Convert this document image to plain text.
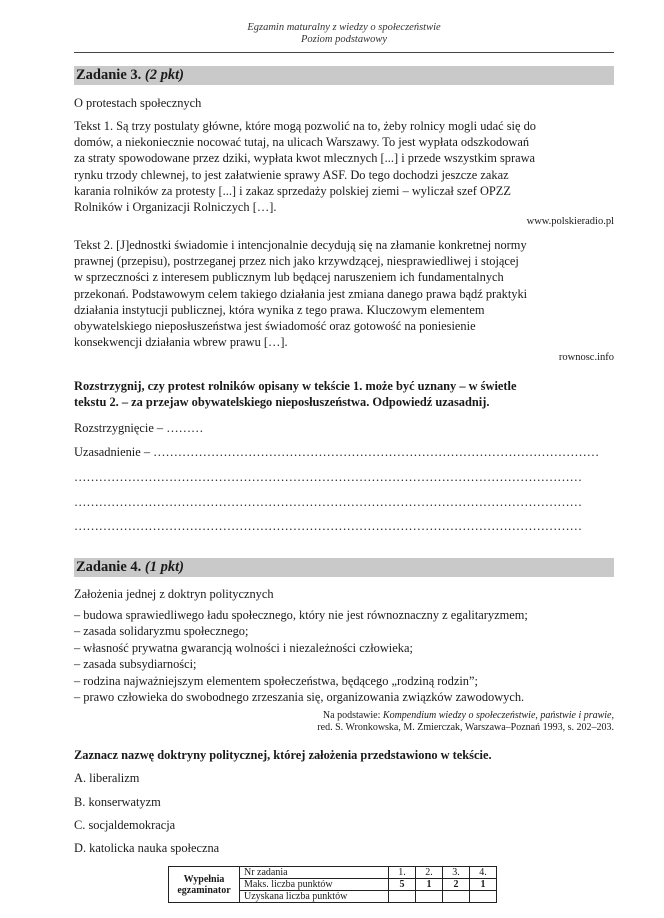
Egzamin maturalny z wiedzy o społeczeństwie
Poziom podstawowy
Zadanie 3. (2 pkt)
O protestach społecznych
Tekst 1. Są trzy postulaty główne, które mogą pozwolić na to, żeby rolnicy mogli udać się do
domów, a niekoniecznie nocować tutaj, na ulicach Warszawy. To jest wypłata odszkodowań
za straty spowodowane przez dziki, wypłata kwot mlecznych [...] i przede wszystkim sprawa
rynku trzody chlewnej, to jest załatwienie sprawy ASF. Do tego dochodzi jeszcze zakaz
karania rolników za protesty [...] i zakaz sprzedaży polskiej ziemi – wyliczał szef OPZZ
Rolników i Organizacji Rolniczych […].
www.polskieradio.pl
Tekst 2. [J]ednostki świadomie i intencjonalnie decydują się na złamanie konkretnej normy
prawnej (przepisu), postrzeganej przez nich jako krzywdzącej, niesprawiedliwej i stojącej
w sprzeczności z interesem publicznym lub będącej naruszeniem ich fundamentalnych
przekonań. Podstawowym celem takiego działania jest zmiana danego prawa bądź praktyki
działania instytucji publicznej, która wynika z tego prawa. Kluczowym elementem
obywatelskiego nieposłuszeństwa jest świadomość oraz gotowość na poniesienie
konsekwencji działania wbrew prawu […].
rownosc.info
Rozstrzygnij, czy protest rolników opisany w tekście 1. może być uznany – w świetle
tekstu 2. – za przejaw obywatelskiego nieposłuszeństwa. Odpowiedź uzasadnij.
Rozstrzygnięcie – ………
Uzasadnienie – ………………………………………………………………………………………………
……………………………………………………………………………………………………………
……………………………………………………………………………………………………………
……………………………………………………………………………………………………………
Zadanie 4. (1 pkt)
Założenia jednej z doktryn politycznych
– budowa sprawiedliwego ładu społecznego, który nie jest równoznaczny z egalitaryzmem;
– zasada solidaryzmu społecznego;
– własność prywatna gwarancją wolności i niezależności człowieka;
– zasada subsydiarności;
– rodzina najważniejszym elementem społeczeństwa, będącego „rodziną rodzin”;
– prawo człowieka do swobodnego zrzeszania się, organizowania związków zawodowych.
Na podstawie: Kompendium wiedzy o społeczeństwie, państwie i prawie,
red. S. Wronkowska, M. Zmierczak, Warszawa–Poznań 1993, s. 202–203.
Zaznacz nazwę doktryny politycznej, której założenia przedstawiono w tekście.
A. liberalizm
B. konserwatyzm
C. socjaldemokracja
D. katolicka nauka społeczna
Wypełnia egzaminator	Nr zadania	1.	2.	3.	4.
	Maks. liczba punktów	5	1	2	1
	Uzyskana liczba punktów				
